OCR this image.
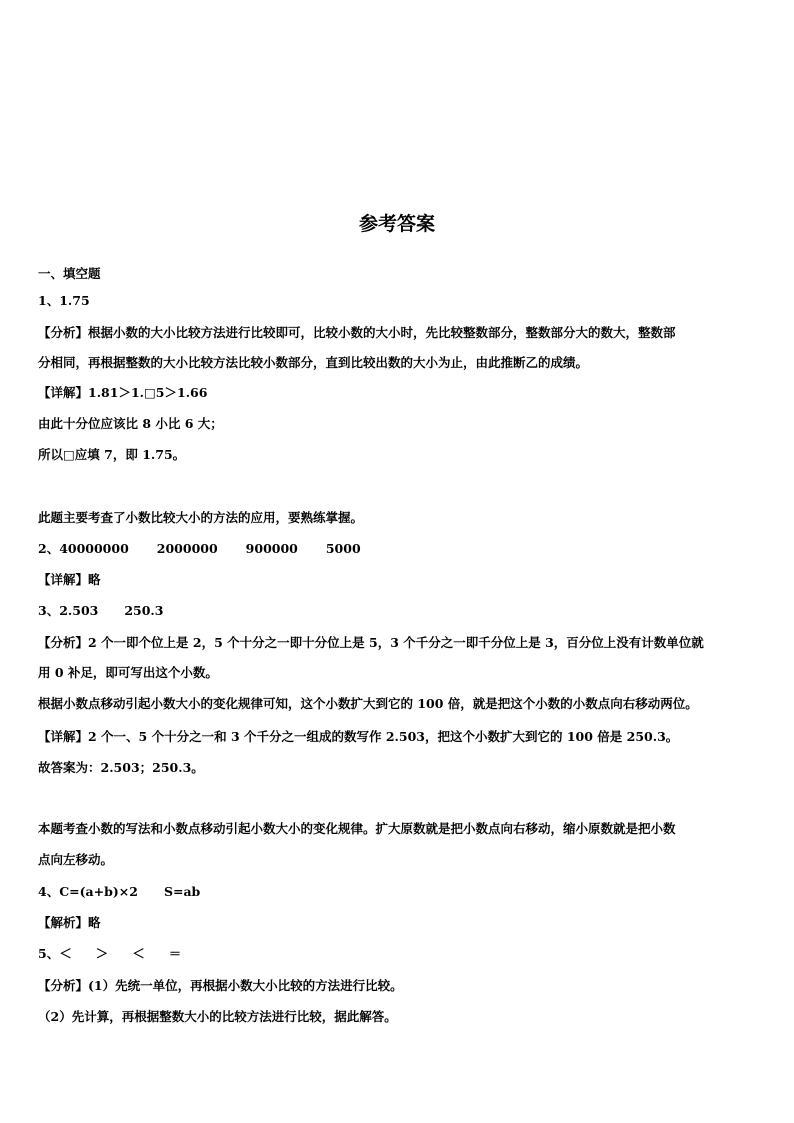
参考答案
一、填空题
1、1.75
【分析】根据小数的大小比较方法进行比较即可，比较小数的大小时，先比较整数部分，整数部分大的数大，整数部
分相同，再根据整数的大小比较方法比较小数部分，直到比较出数的大小为止，由此推断乙的成绩。
【详解】1.81＞1.□5＞1.66
由此十分位应该比 8 小比 6 大；
所以□应填 7，即 1.75。
此题主要考查了小数比较大小的方法的应用，要熟练掌握。
2、40000000 2000000 900000 5000
【详解】略
3、2.503 250.3
【分析】2 个一即个位上是 2，5 个十分之一即十分位上是 5，3 个千分之一即千分位上是 3，百分位上没有计数单位就
用 0 补足，即可写出这个小数。
根据小数点移动引起小数大小的变化规律可知，这个小数扩大到它的 100 倍，就是把这个小数的小数点向右移动两位。
【详解】2 个一、5 个十分之一和 3 个千分之一组成的数写作 2.503，把这个小数扩大到它的 100 倍是 250.3。
故答案为：2.503；250.3。
本题考查小数的写法和小数点移动引起小数大小的变化规律。扩大原数就是把小数点向右移动，缩小原数就是把小数
点向左移动。
4、C=(a+b)×2 S=ab
【解析】略
5、＜ ＞ ＜ ＝
【分析】(1）先统一单位，再根据小数大小比较的方法进行比较。
（2）先计算，再根据整数大小的比较方法进行比较，据此解答。
